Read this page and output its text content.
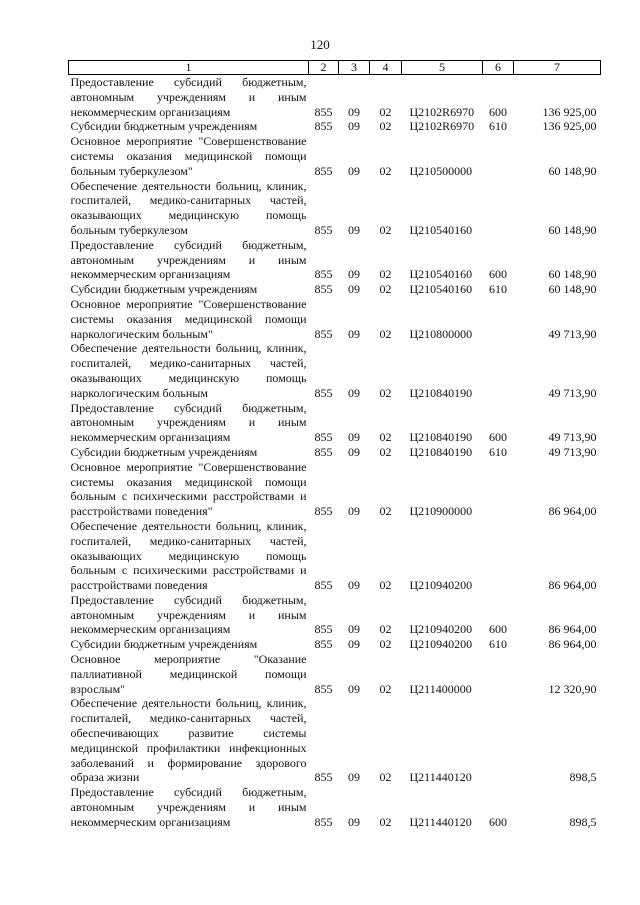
120
1	2	3	4	5	6	7
Предоставление субсидий бюджетным, автономным учреждениям и иным некоммерческим организациям	855	09	02	Ц2102R6970	600	136 925,00
Субсидии бюджетным учреждениям	855	09	02	Ц2102R6970	610	136 925,00
Основное мероприятие "Совершенствование системы оказания медицинской помощи больным туберкулезом"	855	09	02	Ц210500000		60 148,90
Обеспечение деятельности больниц, клиник, госпиталей, медико-санитарных частей, оказывающих медицинскую помощь больным туберкулезом	855	09	02	Ц210540160		60 148,90
Предоставление субсидий бюджетным, автономным учреждениям и иным некоммерческим организациям	855	09	02	Ц210540160	600	60 148,90
Субсидии бюджетным учреждениям	855	09	02	Ц210540160	610	60 148,90
Основное мероприятие "Совершенствование системы оказания медицинской помощи наркологическим больным"	855	09	02	Ц210800000		49 713,90
Обеспечение деятельности больниц, клиник, госпиталей, медико-санитарных частей, оказывающих медицинскую помощь наркологическим больным	855	09	02	Ц210840190		49 713,90
Предоставление субсидий бюджетным, автономным учреждениям и иным некоммерческим организациям	855	09	02	Ц210840190	600	49 713,90
Субсидии бюджетным учреждениям	855	09	02	Ц210840190	610	49 713,90
Основное мероприятие "Совершенствование системы оказания медицинской помощи больным с психическими расстройствами и расстройствами поведения"	855	09	02	Ц210900000		86 964,00
Обеспечение деятельности больниц, клиник, госпиталей, медико-санитарных частей, оказывающих медицинскую помощь больным с психическими расстройствами и расстройствами поведения	855	09	02	Ц210940200		86 964,00
Предоставление субсидий бюджетным, автономным учреждениям и иным некоммерческим организациям	855	09	02	Ц210940200	600	86 964,00
Субсидии бюджетным учреждениям	855	09	02	Ц210940200	610	86 964,00
Основное мероприятие "Оказание паллиативной медицинской помощи взрослым"	855	09	02	Ц211400000		12 320,90
Обеспечение деятельности больниц, клиник, госпиталей, медико-санитарных частей, обеспечивающих развитие системы медицинской профилактики инфекционных заболеваний и формирование здорового образа жизни	855	09	02	Ц211440120		898,5
Предоставление субсидий бюджетным, автономным учреждениям и иным некоммерческим организациям	855	09	02	Ц211440120	600	898,5
